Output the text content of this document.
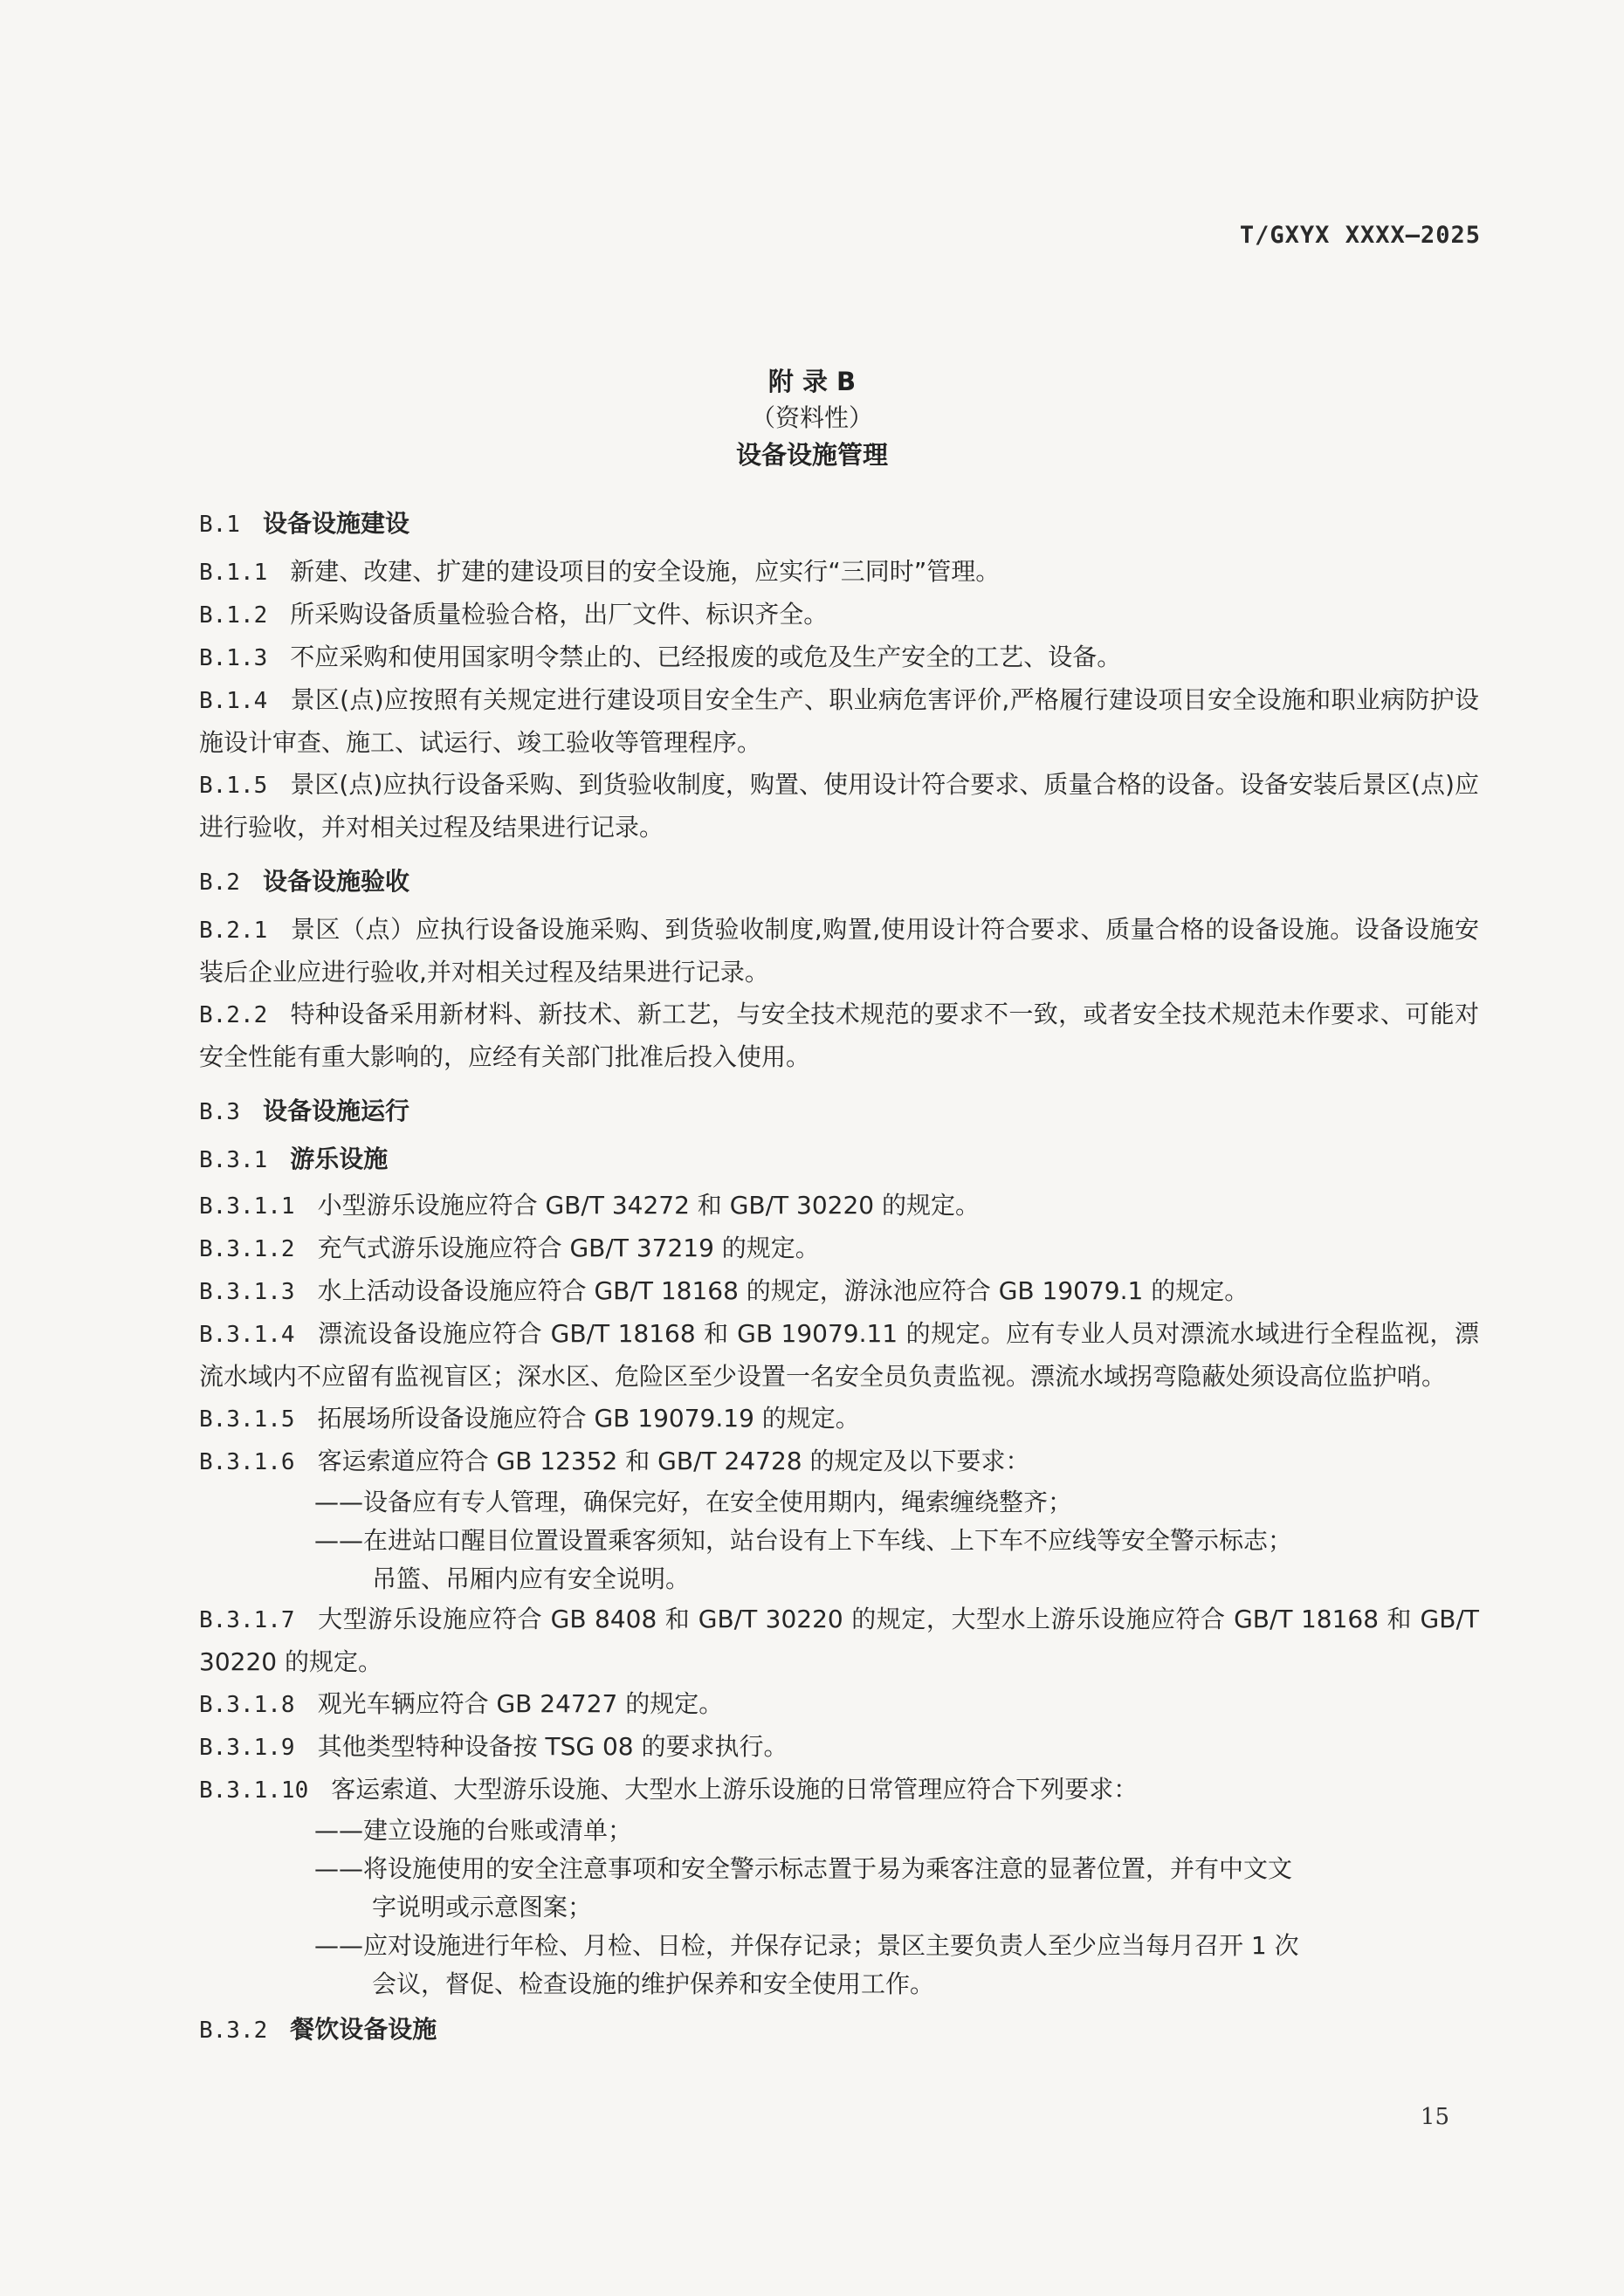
T/GXYX XXXX—2025
附 录 B
（资料性）
设备设施管理
B.1 设备设施建设
B.1.1 新建、改建、扩建的建设项目的安全设施，应实行“三同时”管理。
B.1.2 所采购设备质量检验合格，出厂文件、标识齐全。
B.1.3 不应采购和使用国家明令禁止的、已经报废的或危及生产安全的工艺、设备。
B.1.4 景区(点)应按照有关规定进行建设项目安全生产、职业病危害评价,严格履行建设项目安全设施和职业病防护设施设计审查、施工、试运行、竣工验收等管理程序。
B.1.5 景区(点)应执行设备采购、到货验收制度，购置、使用设计符合要求、质量合格的设备。设备安装后景区(点)应进行验收，并对相关过程及结果进行记录。
B.2 设备设施验收
B.2.1 景区（点）应执行设备设施采购、到货验收制度,购置,使用设计符合要求、质量合格的设备设施。设备设施安装后企业应进行验收,并对相关过程及结果进行记录。
B.2.2 特种设备采用新材料、新技术、新工艺，与安全技术规范的要求不一致，或者安全技术规范未作要求、可能对安全性能有重大影响的，应经有关部门批准后投入使用。
B.3 设备设施运行
B.3.1 游乐设施
B.3.1.1 小型游乐设施应符合 GB/T 34272 和 GB/T 30220 的规定。
B.3.1.2 充气式游乐设施应符合 GB/T 37219 的规定。
B.3.1.3 水上活动设备设施应符合 GB/T 18168 的规定，游泳池应符合 GB 19079.1 的规定。
B.3.1.4 漂流设备设施应符合 GB/T 18168 和 GB 19079.11 的规定。应有专业人员对漂流水域进行全程监视，漂流水域内不应留有监视盲区；深水区、危险区至少设置一名安全员负责监视。漂流水域拐弯隐蔽处须设高位监护哨。
B.3.1.5 拓展场所设备设施应符合 GB 19079.19 的规定。
B.3.1.6 客运索道应符合 GB 12352 和 GB/T 24728 的规定及以下要求：
——设备应有专人管理，确保完好，在安全使用期内，绳索缠绕整齐；
——在进站口醒目位置设置乘客须知，站台设有上下车线、上下车不应线等安全警示标志；
吊篮、吊厢内应有安全说明。
B.3.1.7 大型游乐设施应符合 GB 8408 和 GB/T 30220 的规定，大型水上游乐设施应符合 GB/T 18168 和 GB/T 30220 的规定。
B.3.1.8 观光车辆应符合 GB 24727 的规定。
B.3.1.9 其他类型特种设备按 TSG 08 的要求执行。
B.3.1.10 客运索道、大型游乐设施、大型水上游乐设施的日常管理应符合下列要求：
——建立设施的台账或清单；
——将设施使用的安全注意事项和安全警示标志置于易为乘客注意的显著位置，并有中文文
字说明或示意图案；
——应对设施进行年检、月检、日检，并保存记录；景区主要负责人至少应当每月召开 1 次
会议，督促、检查设施的维护保养和安全使用工作。
B.3.2 餐饮设备设施
15
